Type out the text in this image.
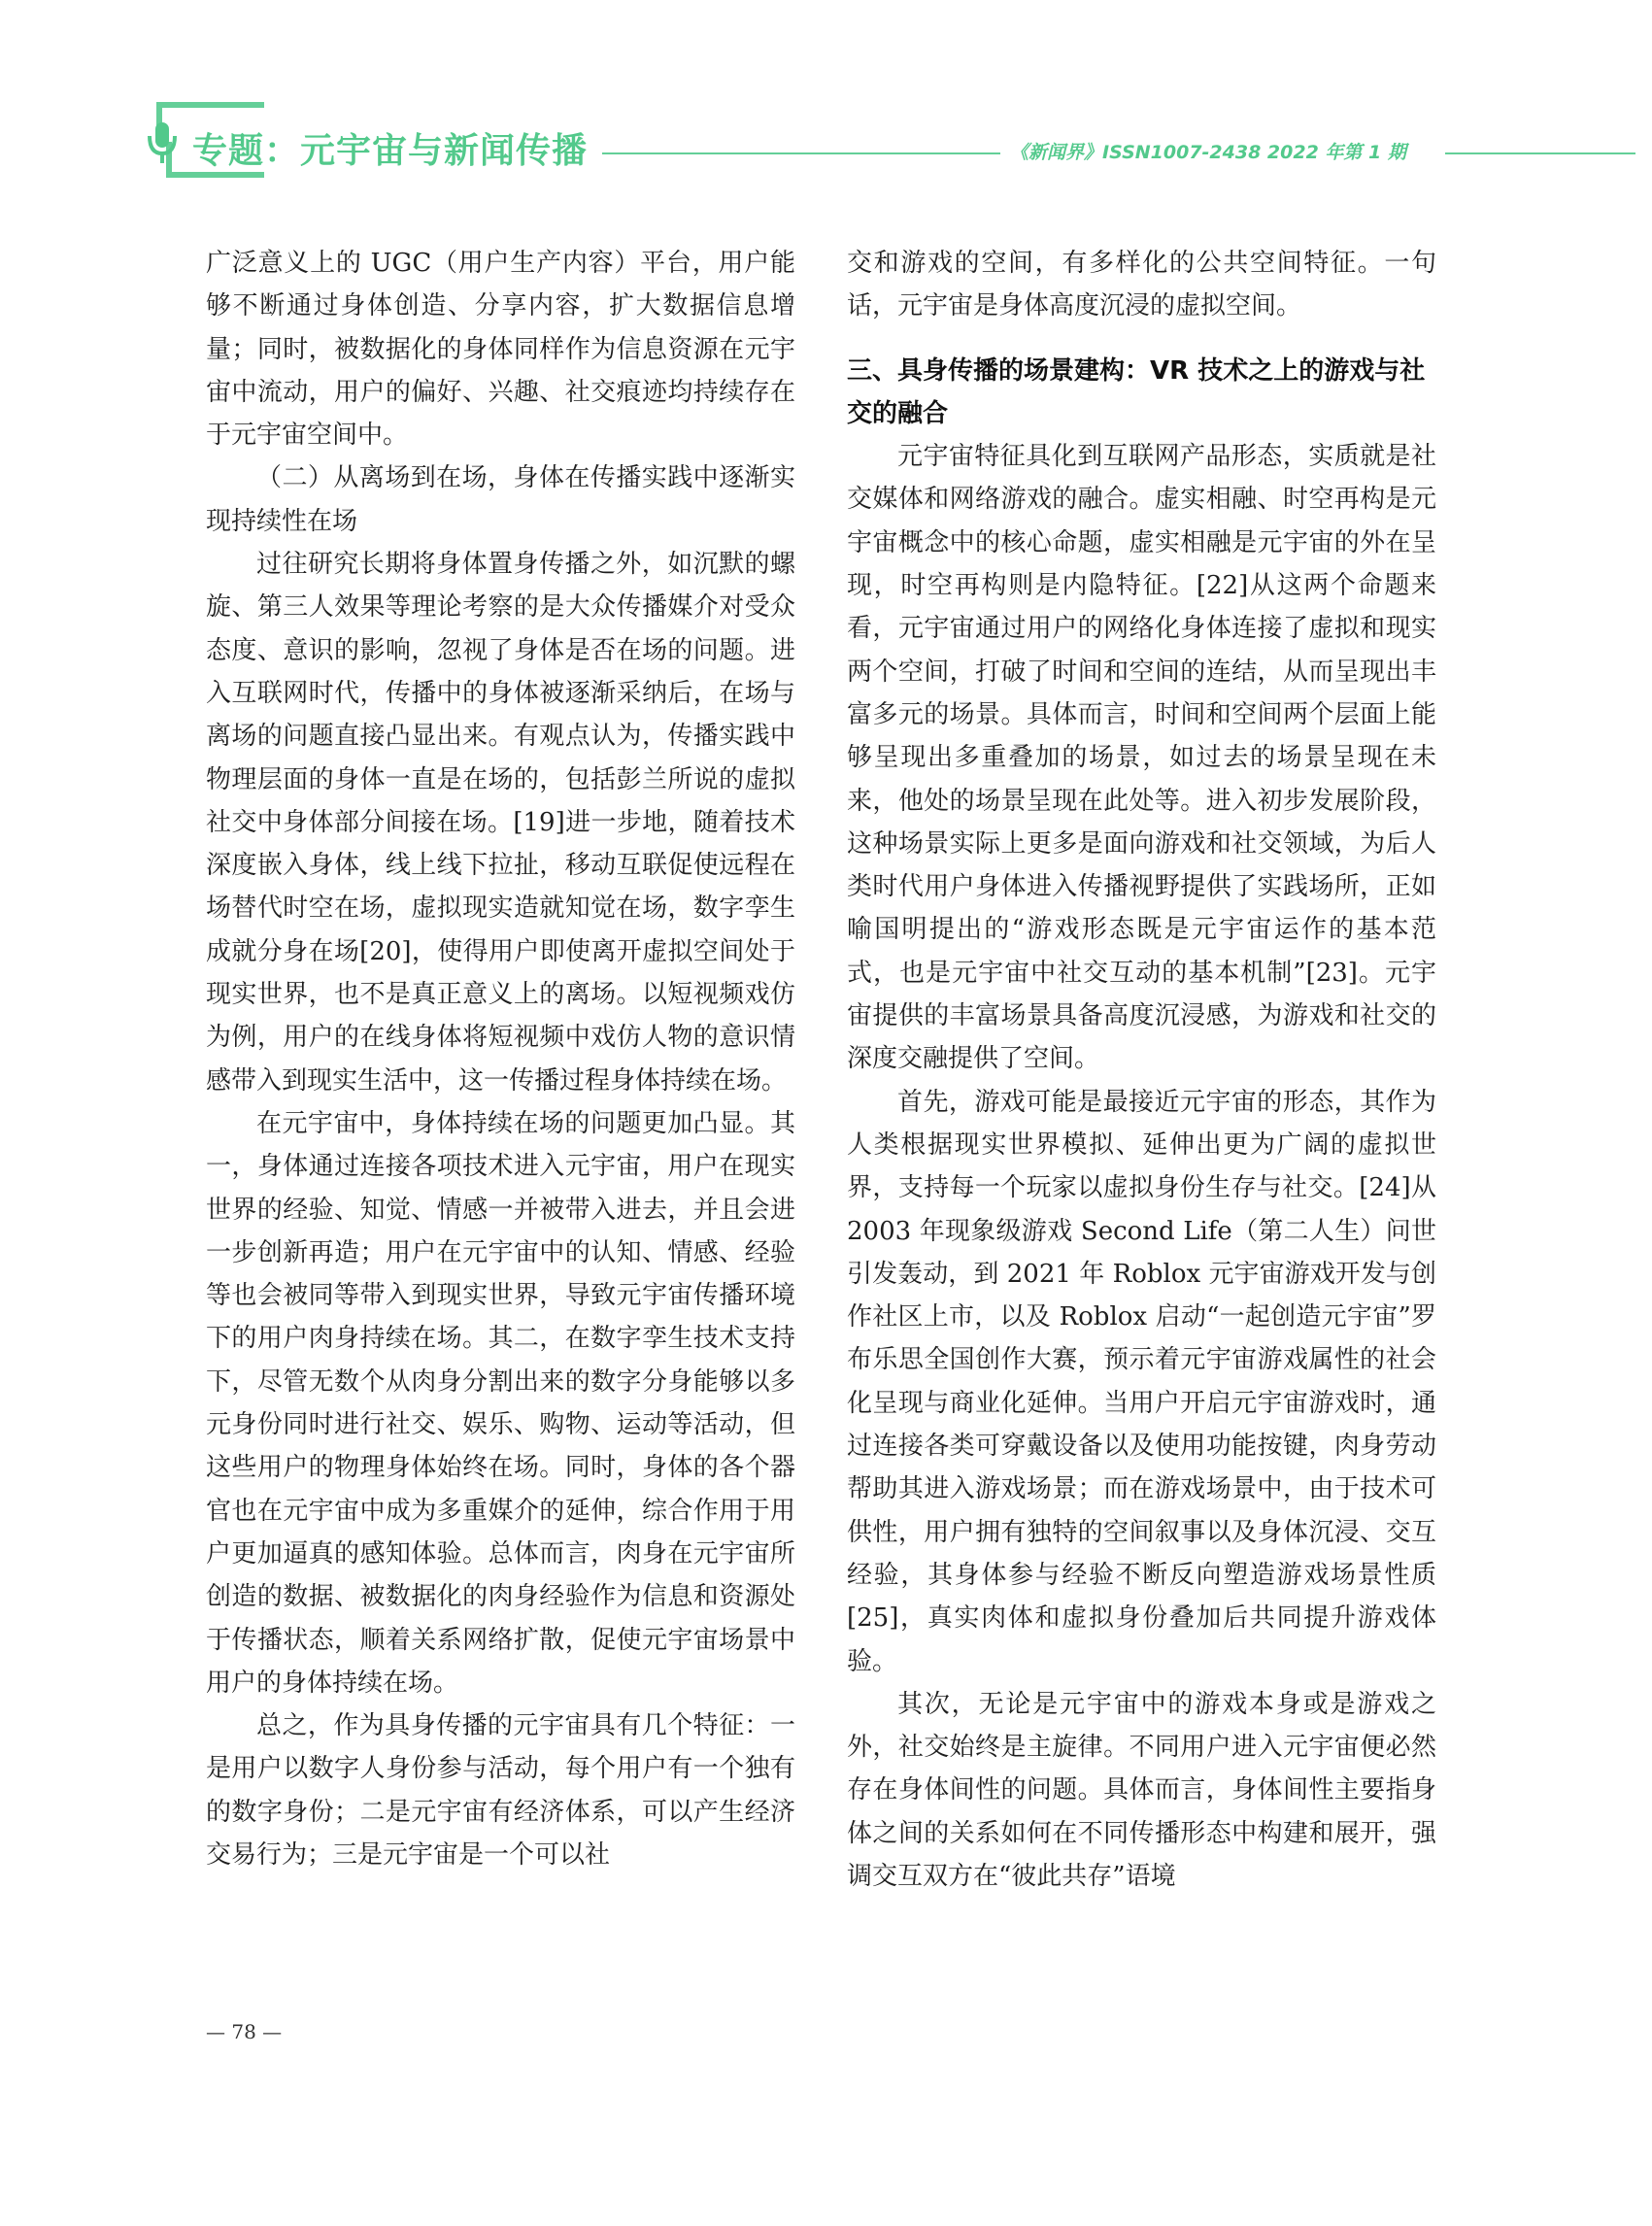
专题：元宇宙与新闻传播	《新闻界》ISSN1007-2438 2022 年第 1 期

广泛意义上的 UGC（用户生产内容）平台，用户能够不断通过身体创造、分享内容，扩大数据信息增量；同时，被数据化的身体同样作为信息资源在元宇宙中流动，用户的偏好、兴趣、社交痕迹均持续存在于元宇宙空间中。

（二）从离场到在场，身体在传播实践中逐渐实现持续性在场

过往研究长期将身体置身传播之外，如沉默的螺旋、第三人效果等理论考察的是大众传播媒介对受众态度、意识的影响，忽视了身体是否在场的问题。进入互联网时代，传播中的身体被逐渐采纳后，在场与离场的问题直接凸显出来。有观点认为，传播实践中物理层面的身体一直是在场的，包括彭兰所说的虚拟社交中身体部分间接在场。[19]进一步地，随着技术深度嵌入身体，线上线下拉扯，移动互联促使远程在场替代时空在场，虚拟现实造就知觉在场，数字孪生成就分身在场[20]，使得用户即使离开虚拟空间处于现实世界，也不是真正意义上的离场。以短视频戏仿为例，用户的在线身体将短视频中戏仿人物的意识情感带入到现实生活中，这一传播过程身体持续在场。

在元宇宙中，身体持续在场的问题更加凸显。其一，身体通过连接各项技术进入元宇宙，用户在现实世界的经验、知觉、情感一并被带入进去，并且会进一步创新再造；用户在元宇宙中的认知、情感、经验等也会被同等带入到现实世界，导致元宇宙传播环境下的用户肉身持续在场。其二，在数字孪生技术支持下，尽管无数个从肉身分割出来的数字分身能够以多元身份同时进行社交、娱乐、购物、运动等活动，但这些用户的物理身体始终在场。同时，身体的各个器官也在元宇宙中成为多重媒介的延伸，综合作用于用户更加逼真的感知体验。总体而言，肉身在元宇宙所创造的数据、被数据化的肉身经验作为信息和资源处于传播状态，顺着关系网络扩散，促使元宇宙场景中用户的身体持续在场。

总之，作为具身传播的元宇宙具有几个特征：一是用户以数字人身份参与活动，每个用户有一个独有的数字身份；二是元宇宙有经济体系，可以产生经济交易行为；三是元宇宙是一个可以社

交和游戏的空间，有多样化的公共空间特征。一句话，元宇宙是身体高度沉浸的虚拟空间。

三、具身传播的场景建构：VR 技术之上的游戏与社交的融合

元宇宙特征具化到互联网产品形态，实质就是社交媒体和网络游戏的融合。虚实相融、时空再构是元宇宙概念中的核心命题，虚实相融是元宇宙的外在呈现，时空再构则是内隐特征。[22]从这两个命题来看，元宇宙通过用户的网络化身体连接了虚拟和现实两个空间，打破了时间和空间的连结，从而呈现出丰富多元的场景。具体而言，时间和空间两个层面上能够呈现出多重叠加的场景，如过去的场景呈现在未来，他处的场景呈现在此处等。进入初步发展阶段，这种场景实际上更多是面向游戏和社交领域，为后人类时代用户身体进入传播视野提供了实践场所，正如喻国明提出的“游戏形态既是元宇宙运作的基本范式，也是元宇宙中社交互动的基本机制”[23]。元宇宙提供的丰富场景具备高度沉浸感，为游戏和社交的深度交融提供了空间。

首先，游戏可能是最接近元宇宙的形态，其作为人类根据现实世界模拟、延伸出更为广阔的虚拟世界，支持每一个玩家以虚拟身份生存与社交。[24]从 2003 年现象级游戏 Second Life（第二人生）问世引发轰动，到 2021 年 Roblox 元宇宙游戏开发与创作社区上市，以及 Roblox 启动“一起创造元宇宙”罗布乐思全国创作大赛，预示着元宇宙游戏属性的社会化呈现与商业化延伸。当用户开启元宇宙游戏时，通过连接各类可穿戴设备以及使用功能按键，肉身劳动帮助其进入游戏场景；而在游戏场景中，由于技术可供性，用户拥有独特的空间叙事以及身体沉浸、交互经验，其身体参与经验不断反向塑造游戏场景性质[25]，真实肉体和虚拟身份叠加后共同提升游戏体验。

其次，无论是元宇宙中的游戏本身或是游戏之外，社交始终是主旋律。不同用户进入元宇宙便必然存在身体间性的问题。具体而言，身体间性主要指身体之间的关系如何在不同传播形态中构建和展开，强调交互双方在“彼此共存”语境

— 78 —
